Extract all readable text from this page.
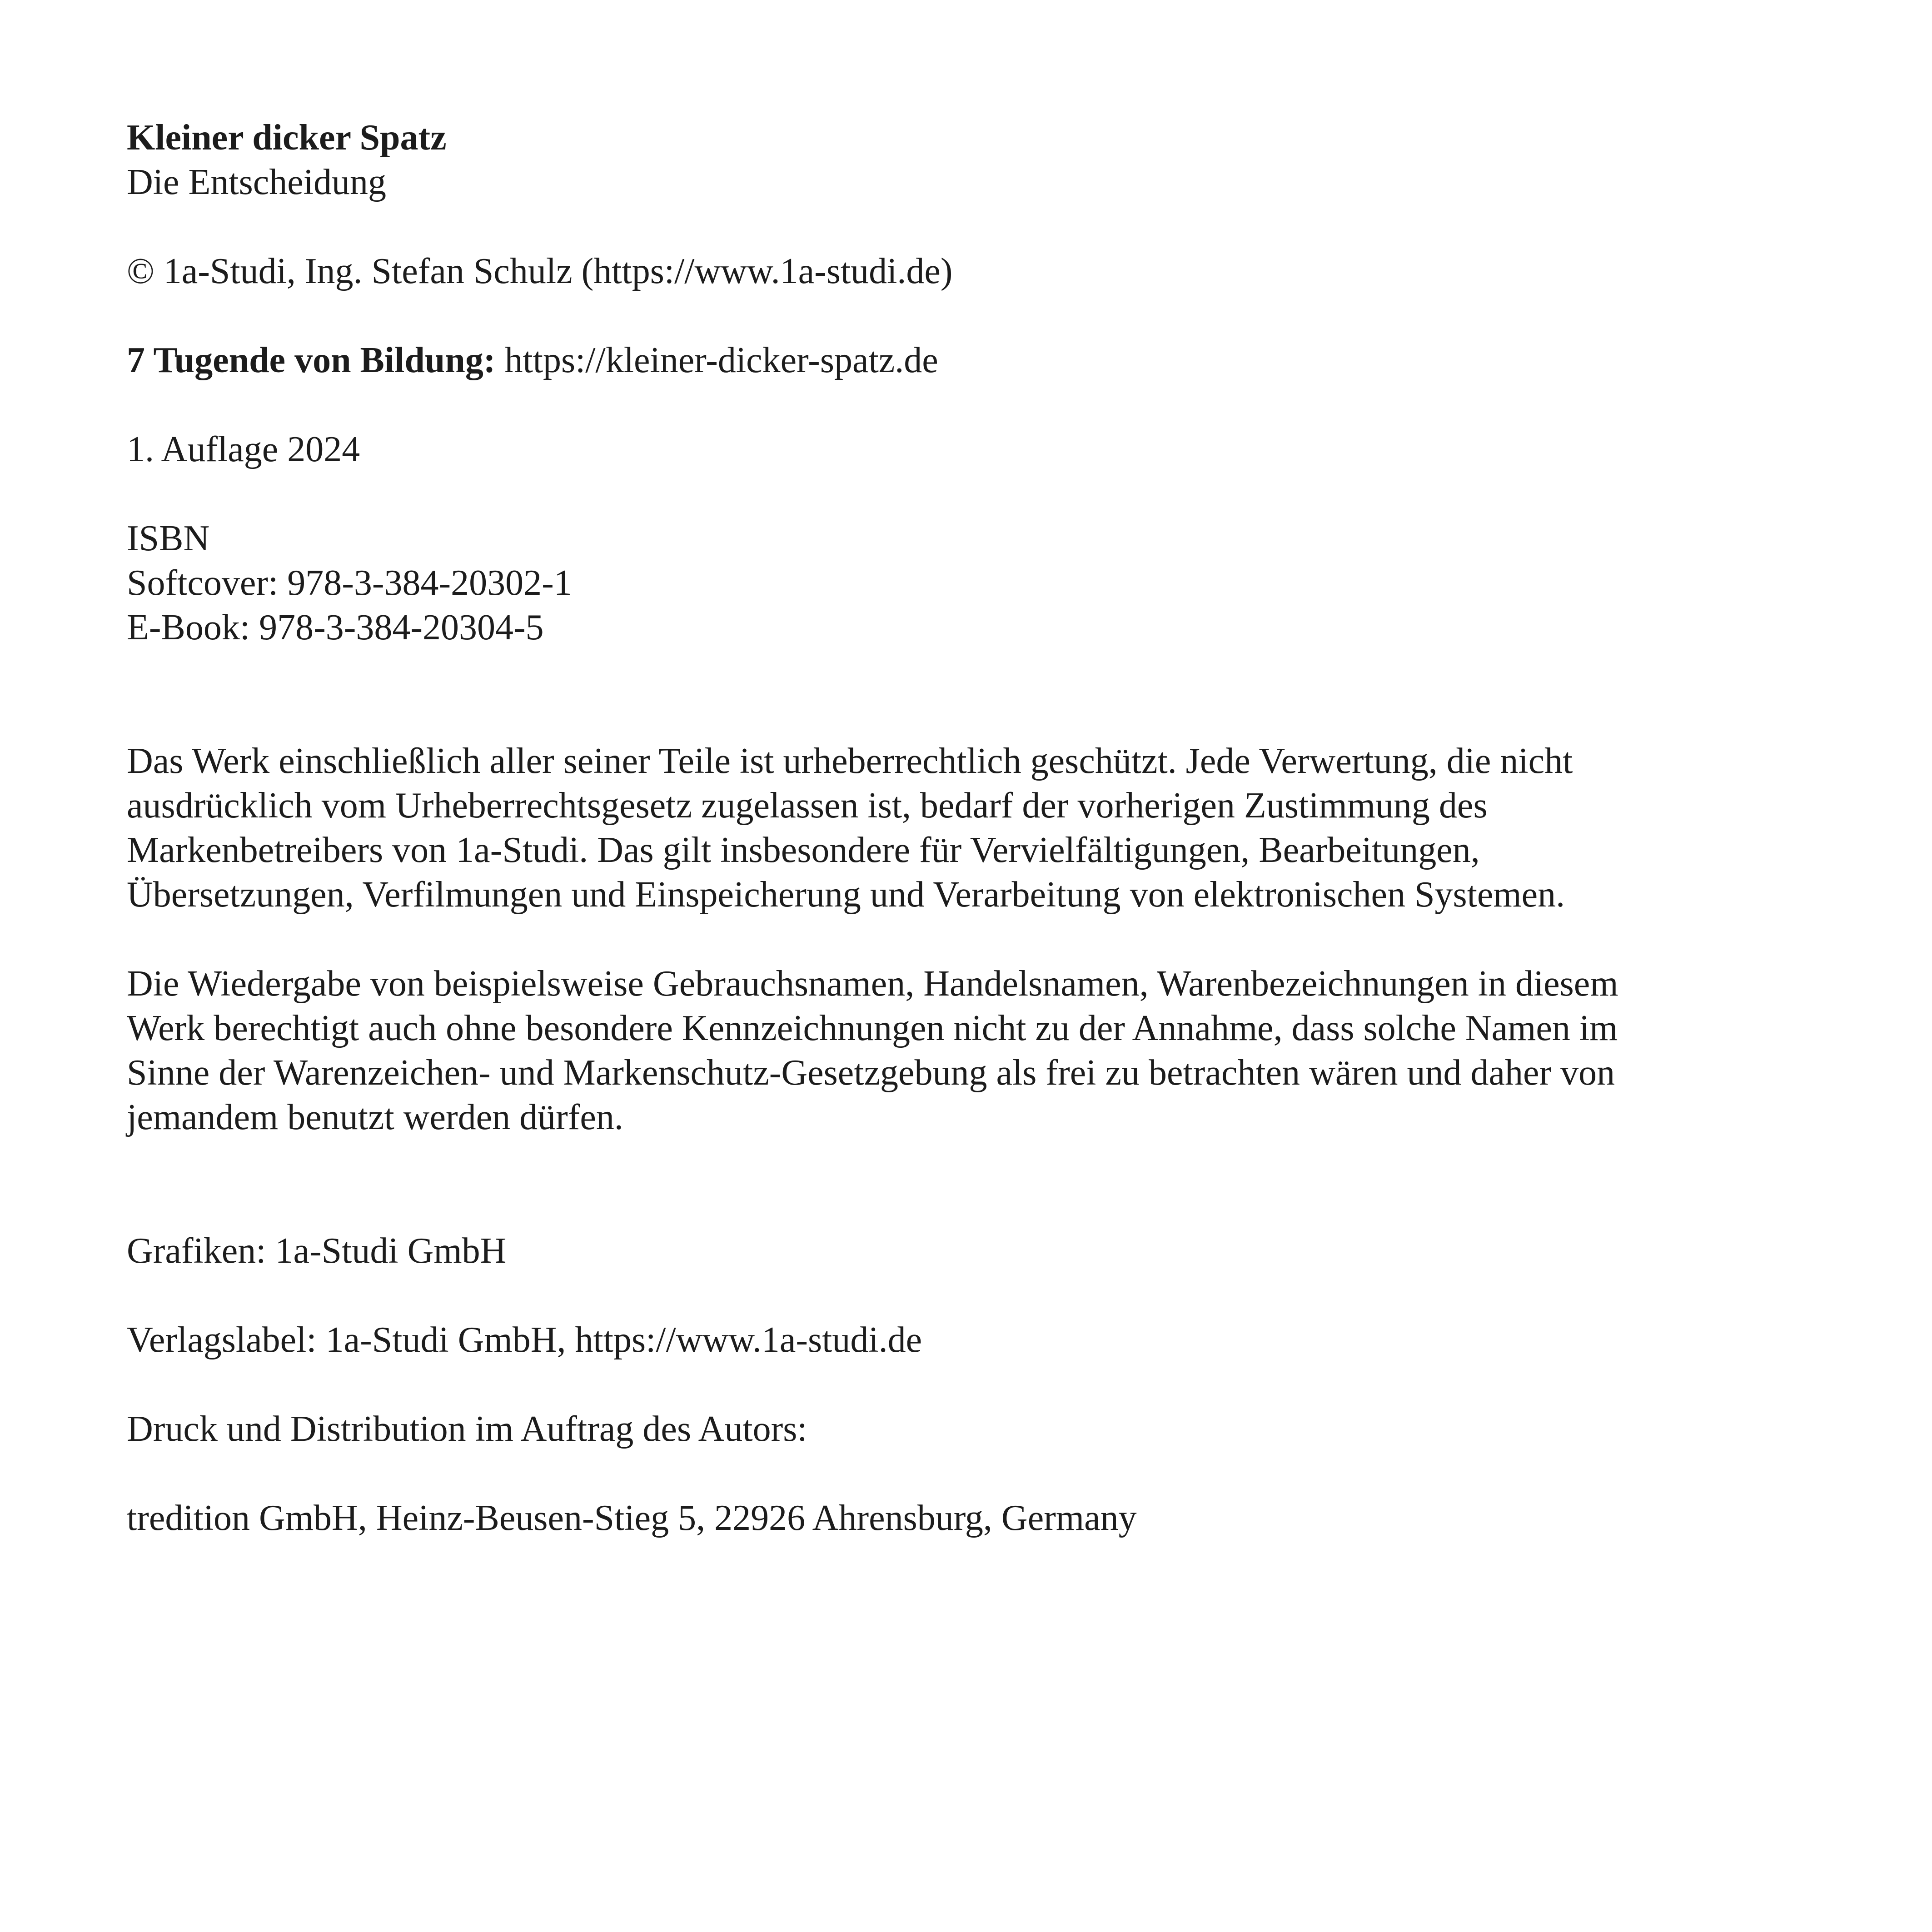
Kleiner dicker Spatz

Die Entscheidung

© 1a-Studi, Ing. Stefan Schulz (https://www.1a-studi.de)

7 Tugende von Bildung: https://kleiner-dicker-spatz.de

1. Auflage 2024

ISBN

Softcover: 978-3-384-20302-1

E-Book: 978-3-384-20304-5

Das Werk einschließlich aller seiner Teile ist urheberrechtlich geschützt. Jede Verwertung, die nicht

ausdrücklich vom Urheberrechtsgesetz zugelassen ist, bedarf der vorherigen Zustimmung des

Markenbetreibers von 1a-Studi. Das gilt insbesondere für Vervielfältigungen, Bearbeitungen,

Übersetzungen, Verfilmungen und Einspeicherung und Verarbeitung von elektronischen Systemen.

Die Wiedergabe von beispielsweise Gebrauchsnamen, Handelsnamen, Warenbezeichnungen in diesem

Werk berechtigt auch ohne besondere Kennzeichnungen nicht zu der Annahme, dass solche Namen im

Sinne der Warenzeichen- und Markenschutz-Gesetzgebung als frei zu betrachten wären und daher von

jemandem benutzt werden dürfen.

Grafiken: 1a-Studi GmbH

Verlagslabel: 1a-Studi GmbH, https://www.1a-studi.de

Druck und Distribution im Auftrag des Autors:

tredition GmbH, Heinz-Beusen-Stieg 5, 22926 Ahrensburg, Germany
